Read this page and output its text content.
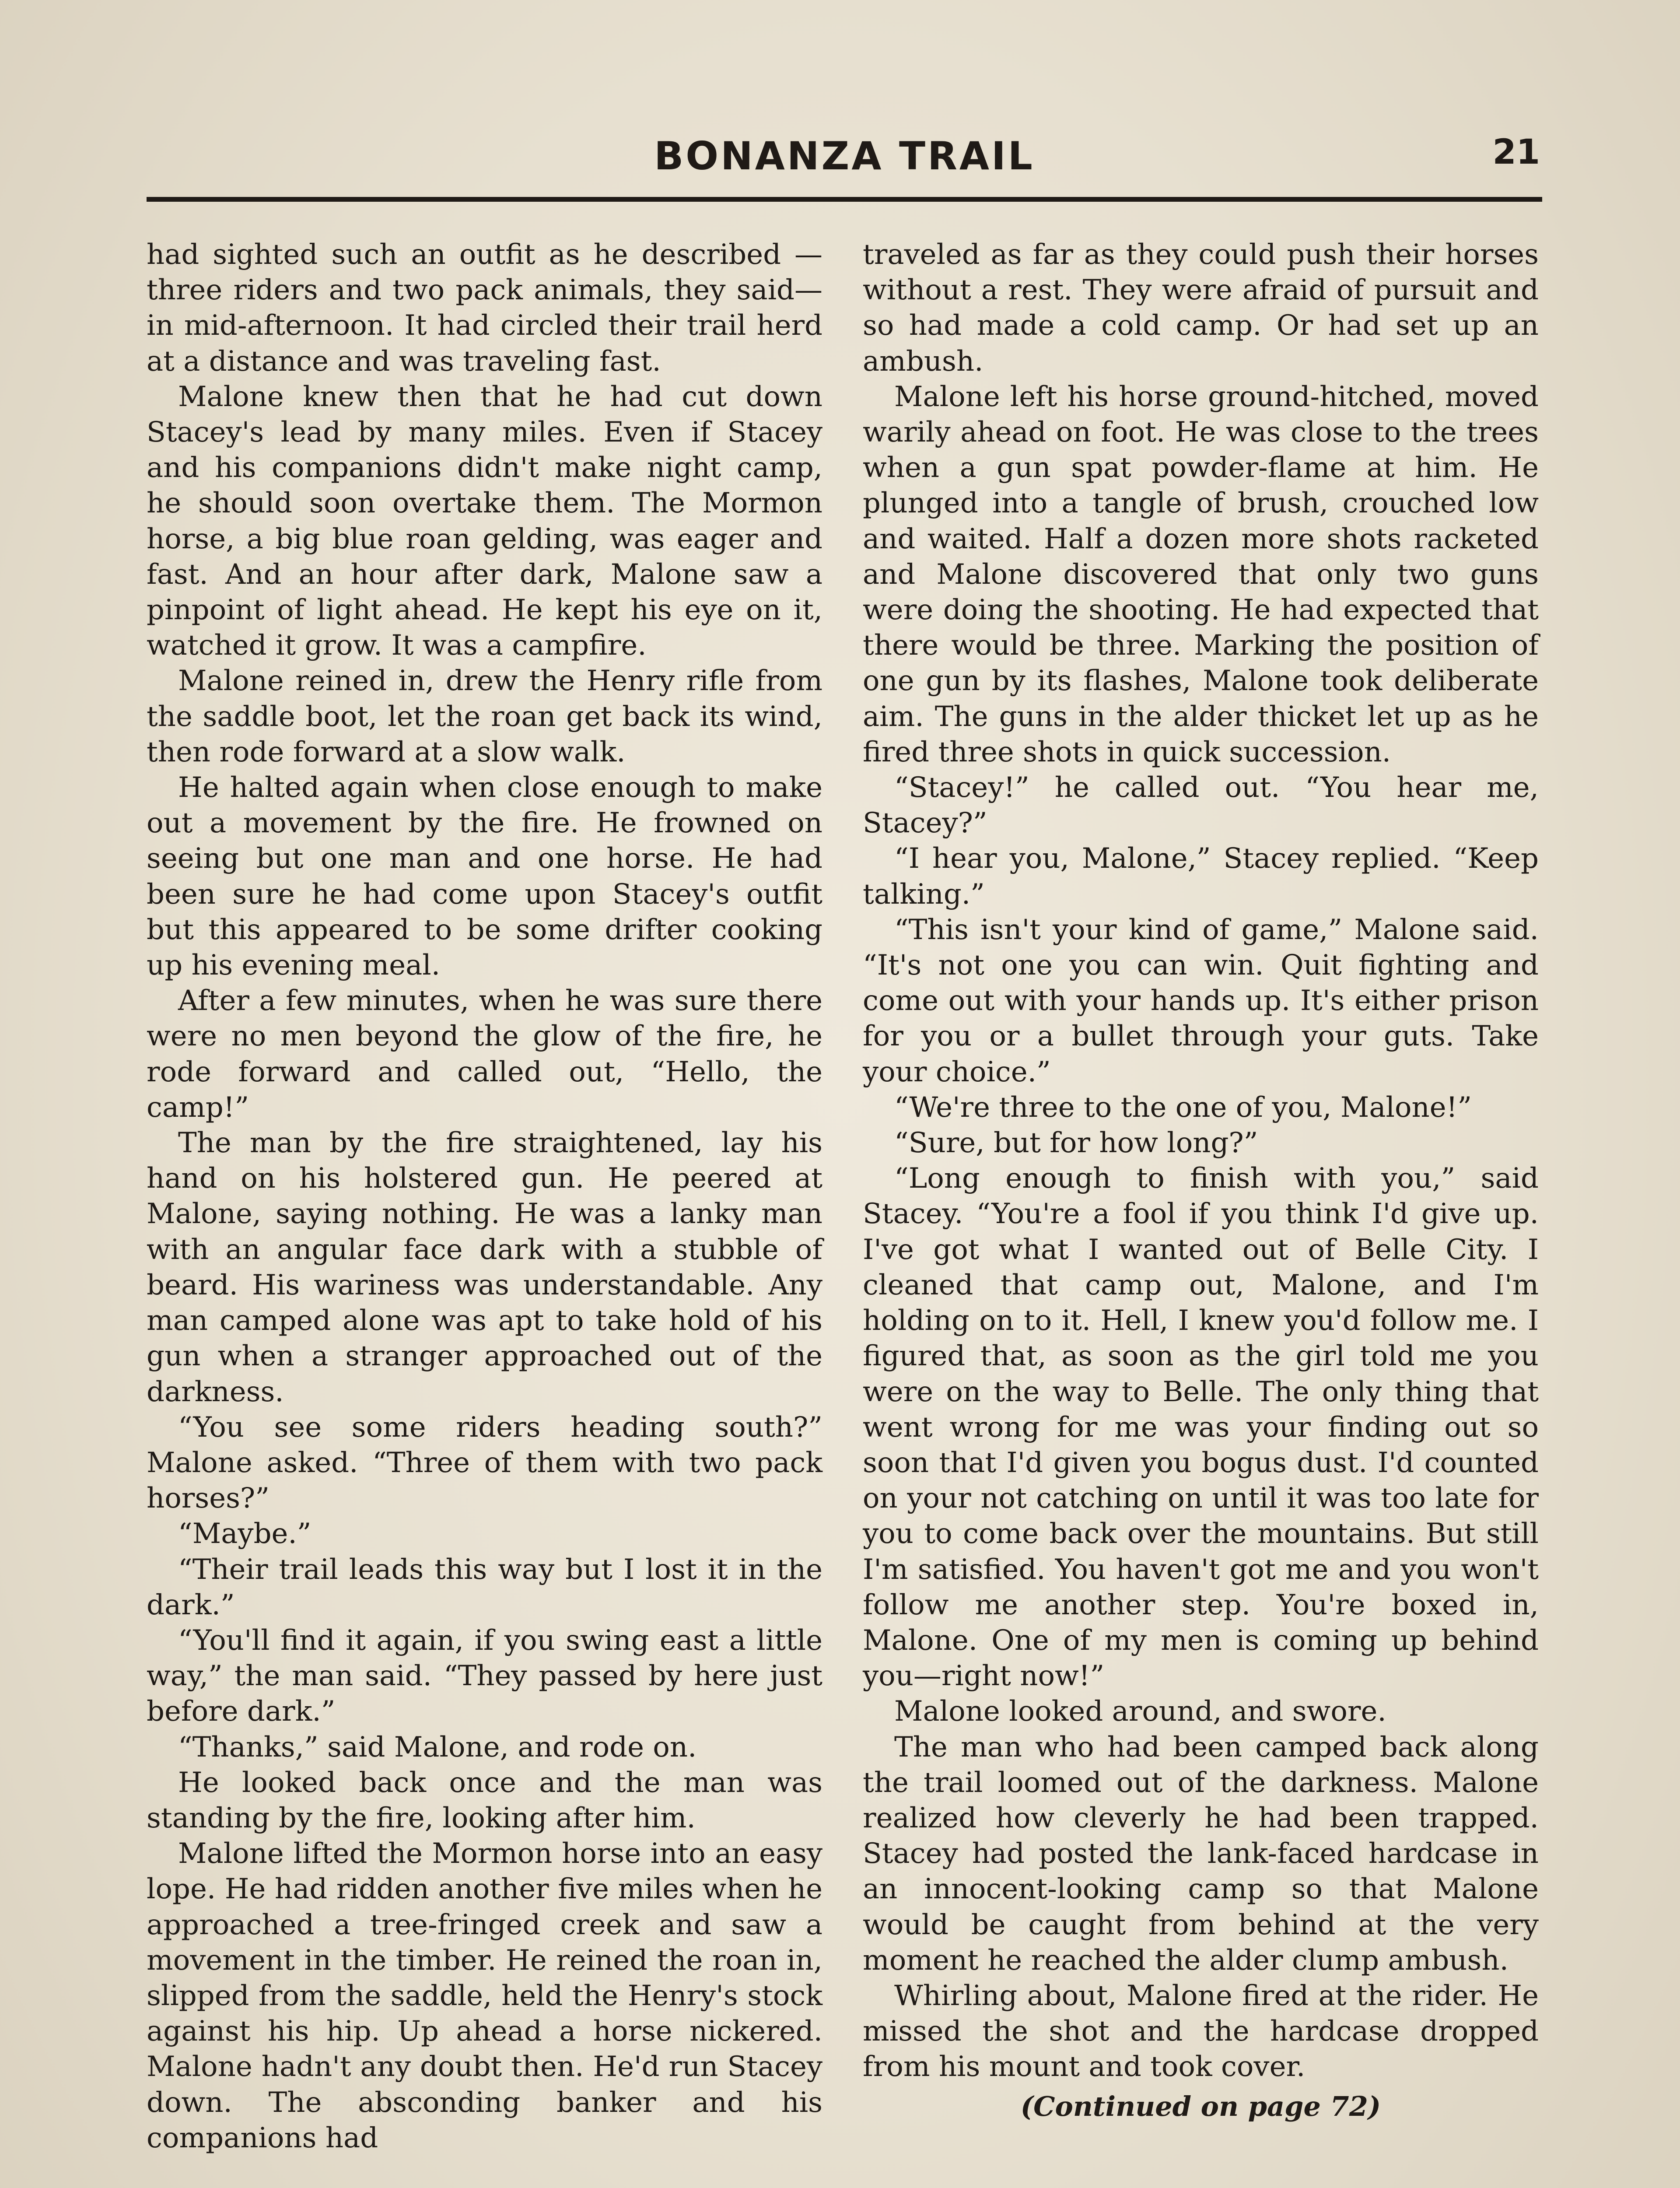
BONANZA TRAIL	21

had sighted such an outfit as he described —three riders and two pack animals, they said—in mid-afternoon. It had circled their trail herd at a distance and was traveling fast.

Malone knew then that he had cut down Stacey's lead by many miles. Even if Stacey and his companions didn't make night camp, he should soon overtake them. The Mormon horse, a big blue roan gelding, was eager and fast. And an hour after dark, Malone saw a pinpoint of light ahead. He kept his eye on it, watched it grow. It was a campfire.

Malone reined in, drew the Henry rifle from the saddle boot, let the roan get back its wind, then rode forward at a slow walk.

He halted again when close enough to make out a movement by the fire. He frowned on seeing but one man and one horse. He had been sure he had come upon Stacey's outfit but this appeared to be some drifter cooking up his evening meal.

After a few minutes, when he was sure there were no men beyond the glow of the fire, he rode forward and called out, “Hello, the camp!”

The man by the fire straightened, lay his hand on his holstered gun. He peered at Malone, saying nothing. He was a lanky man with an angular face dark with a stubble of beard. His wariness was understandable. Any man camped alone was apt to take hold of his gun when a stranger approached out of the darkness.

“You see some riders heading south?” Malone asked. “Three of them with two pack horses?”

“Maybe.”

“Their trail leads this way but I lost it in the dark.”

“You'll find it again, if you swing east a little way,” the man said. “They passed by here just before dark.”

“Thanks,” said Malone, and rode on.

He looked back once and the man was standing by the fire, looking after him.

Malone lifted the Mormon horse into an easy lope. He had ridden another five miles when he approached a tree-fringed creek and saw a movement in the timber. He reined the roan in, slipped from the saddle, held the Henry's stock against his hip. Up ahead a horse nickered. Malone hadn't any doubt then. He'd run Stacey down. The absconding banker and his companions had

traveled as far as they could push their horses without a rest. They were afraid of pursuit and so had made a cold camp. Or had set up an ambush.

Malone left his horse ground-hitched, moved warily ahead on foot. He was close to the trees when a gun spat powder-flame at him. He plunged into a tangle of brush, crouched low and waited. Half a dozen more shots racketed and Malone discovered that only two guns were doing the shooting. He had expected that there would be three. Marking the position of one gun by its flashes, Malone took deliberate aim. The guns in the alder thicket let up as he fired three shots in quick succession.

“Stacey!” he called out. “You hear me, Stacey?”

“I hear you, Malone,” Stacey replied. “Keep talking.”

“This isn't your kind of game,” Malone said. “It's not one you can win. Quit fighting and come out with your hands up. It's either prison for you or a bullet through your guts. Take your choice.”

“We're three to the one of you, Malone!”

“Sure, but for how long?”

“Long enough to finish with you,” said Stacey. “You're a fool if you think I'd give up. I've got what I wanted out of Belle City. I cleaned that camp out, Malone, and I'm holding on to it. Hell, I knew you'd follow me. I figured that, as soon as the girl told me you were on the way to Belle. The only thing that went wrong for me was your finding out so soon that I'd given you bogus dust. I'd counted on your not catching on until it was too late for you to come back over the mountains. But still I'm satisfied. You haven't got me and you won't follow me another step. You're boxed in, Malone. One of my men is coming up behind you—right now!”

Malone looked around, and swore.

The man who had been camped back along the trail loomed out of the darkness. Malone realized how cleverly he had been trapped. Stacey had posted the lank-faced hardcase in an innocent-looking camp so that Malone would be caught from behind at the very moment he reached the alder clump ambush.

Whirling about, Malone fired at the rider. He missed the shot and the hardcase dropped from his mount and took cover.

(Continued on page 72)
